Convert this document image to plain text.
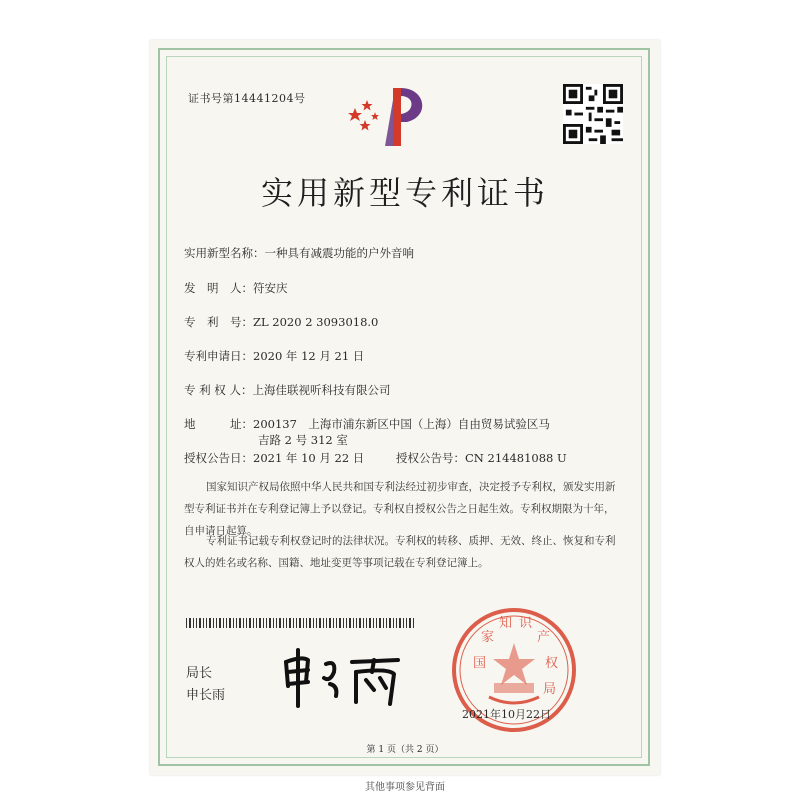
证书号第14441204号
实用新型专利证书
实用新型名称：一种具有减震功能的户外音响
发　明　人：符安庆
专　利　号：ZL 2020 2 3093018.0
专利申请日：2020 年 12 月 21 日
专 利 权 人：上海佳联视听科技有限公司
地　　　址：200137　上海市浦东新区中国（上海）自由贸易试验区马
吉路 2 号 312 室
授权公告日：2021 年 10 月 22 日	授权公告号：CN 214481088 U
国家知识产权局依照中华人民共和国专利法经过初步审查，决定授予专利权，颁发实用新型专利证书并在专利登记簿上予以登记。专利权自授权公告之日起生效。专利权期限为十年，自申请日起算。
专利证书记载专利权登记时的法律状况。专利权的转移、质押、无效、终止、恢复和专利权人的姓名或名称、国籍、地址变更等事项记载在专利登记簿上。
局长
申长雨
国
家
知 识
产
权
局
2021年10月22日
第 1 页（共 2 页）
其他事项参见背面
